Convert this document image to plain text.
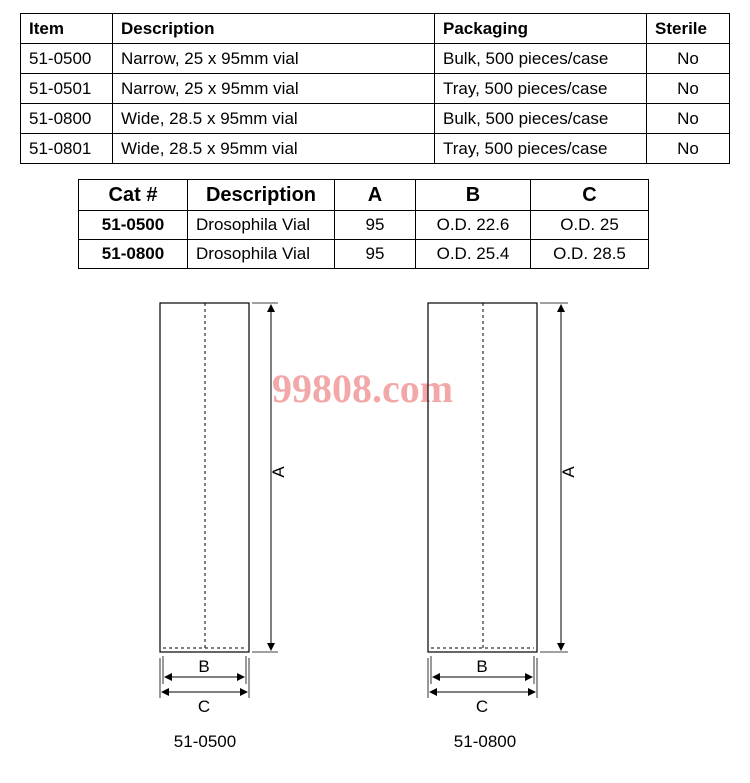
Item	Description	Packaging	Sterile
51-0500	Narrow, 25 x 95mm vial	Bulk, 500 pieces/case	No
51-0501	Narrow, 25 x 95mm vial	Tray, 500 pieces/case	No
51-0800	Wide, 28.5 x 95mm vial	Bulk, 500 pieces/case	No
51-0801	Wide, 28.5 x 95mm vial	Tray, 500 pieces/case	No
Cat #	Description	A	B	C
51-0500	Drosophila Vial	95	O.D. 22.6	O.D. 25
51-0800	Drosophila Vial	95	O.D. 25.4	O.D. 28.5
99808.com
A
B
C
51-0500
A
B
C
51-0800
